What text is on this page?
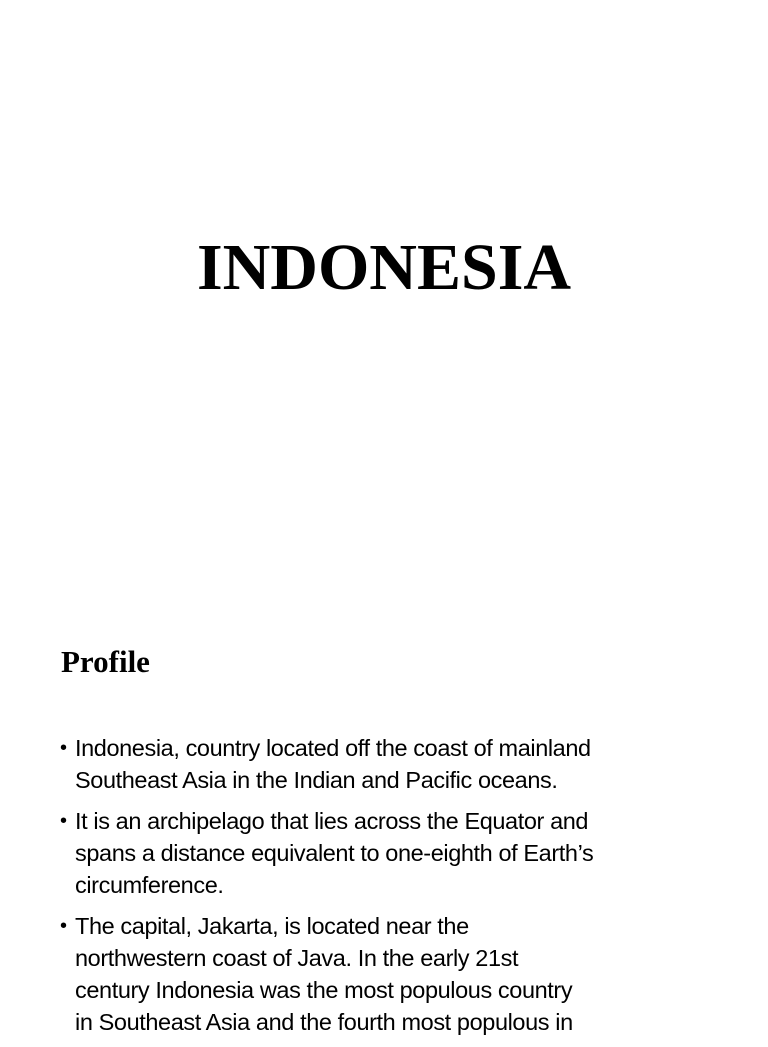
INDONESIA
Profile
• Indonesia, country located off the coast of mainland
Southeast Asia in the Indian and Pacific oceans.
• It is an archipelago that lies across the Equator and
spans a distance equivalent to one-eighth of Earth’s
circumference.
• The capital, Jakarta, is located near the
northwestern coast of Java. In the early 21st
century Indonesia was the most populous country
in Southeast Asia and the fourth most populous in
